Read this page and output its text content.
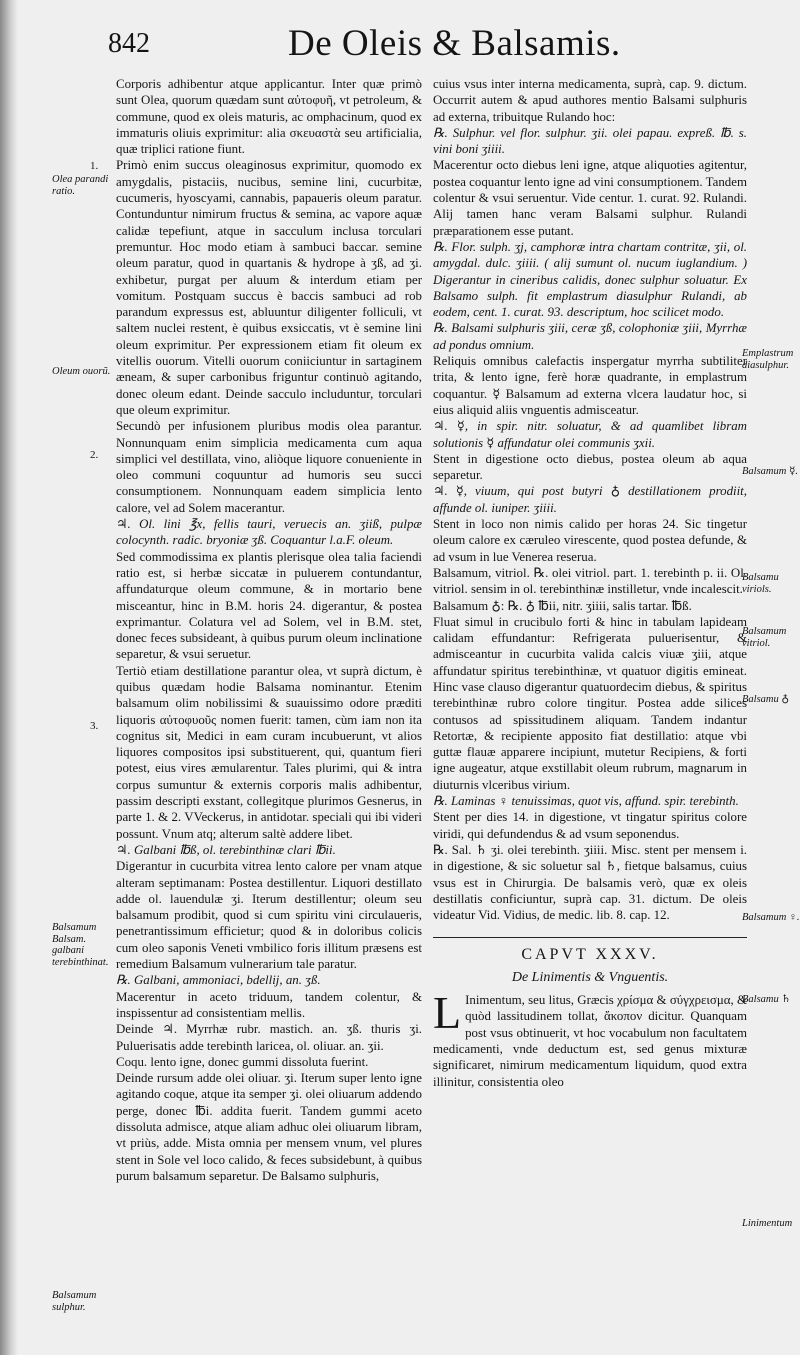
842	De Oleis & Balsamis.
1.
Olea parandi ratio.
Oleum ouorũ.
2.
3.
Balsamum Balsam. galbani terebinthinat.
Balsamum sulphur.
Emplastrum diasulphur.
Balsamum ☿.
Balsamu viriols.
Balsamum vitriol.
Balsamu ♁
Balsamum ♀.
Balsamu ♄
Linimentum

Corporis adhibentur atque applicantur. Inter quæ primò sunt Olea, quorum quædam sunt αὐτοφυῆ, vt petroleum, & commune, quod ex oleis maturis, ac omphacinum, quod ex immaturis oliuis exprimitur: alia σκευαστὰ seu artificialia, quæ triplici ratione fiunt.

Primò enim succus oleaginosus exprimitur, quomodo ex amygdalis, pistaciis, nucibus, semine lini, cucurbitæ, cucumeris, hyoscyami, cannabis, papaueris oleum paratur. Contunduntur nimirum fructus & semina, ac vapore aquæ calidæ tepefiunt, atque in sacculum inclusa torculari premuntur. Hoc modo etiam à sambuci baccar. semine oleum paratur, quod in quartanis & hydrope à ʒß, ad ʒi. exhibetur, purgat per aluum & interdum etiam per vomitum. Postquam succus è baccis sambuci ad rob parandum expressus est, abluuntur diligenter folliculi, vt saltem nuclei restent, è quibus exsiccatis, vt è semine lini oleum exprimitur. Per expressionem etiam fit oleum ex vitellis ouorum. Vitelli ouorum coniiciuntur in sartaginem æneam, & super carbonibus friguntur continuò agitando, donec oleum edant. Deinde sacculo includuntur, torculari que oleum exprimitur.

Secundò per infusionem pluribus modis olea parantur. Nonnunquam enim simplicia medicamenta cum aqua simplici vel destillata, vino, aliòque liquore conueniente in oleo communi coquuntur ad humoris seu succi consumptionem. Nonnunquam eadem simplicia lento calore, vel ad Solem macerantur.

♃. Ol. lini ℥x, fellis tauri, veruecis an. ʒiiß, pulpæ colocynth. radic. bryoniæ ʒß. Coquantur l.a.F. oleum.

Sed commodissima ex plantis plerisque olea talia faciendi ratio est, si herbæ siccatæ in puluerem contundantur, affundaturque oleum commune, & in mortario bene misceantur, hinc in B.M. horis 24. digerantur, & postea exprimantur. Colatura vel ad Solem, vel in B.M. stet, donec feces subsideant, à quibus purum oleum inclinatione separetur, & vsui seruetur.

Tertiò etiam destillatione parantur olea, vt suprà dictum, è quibus quædam hodie Balsama nominantur. Etenim balsamum olim nobilissimi & suauissimo odore præditi liquoris αὐτοφυοῦς nomen fuerit: tamen, cùm iam non ita cognitus sit, Medici in eam curam incubuerunt, vt alios liquores compositos ipsi substituerent, qui, quantum fieri potest, eius vires æmularentur. Tales plurimi, qui & intra corpus sumuntur & externis corporis malis adhibentur, passim descripti exstant, collegitque plurimos Gesnerus, in parte 1. & 2. VVeckerus, in antidotar. speciali qui ibi videri possunt. Vnum atq; alterum saltè addere libet.

♃. Galbani ℔ß, ol. terebinthinæ clari ℔ii.

Digerantur in cucurbita vitrea lento calore per vnam atque alteram septimanam: Postea destillentur. Liquori destillato adde ol. lauendulæ ʒi. Iterum destillentur; oleum seu balsamum prodibit, quod si cum spiritu vini circulaueris, penetrantissimum efficietur; quod & in doloribus colicis cum oleo saponis Veneti vmbilico foris illitum præsens est remedium Balsamum vulnerarium tale paratur.

℞. Galbani, ammoniaci, bdellij, an. ʒß.

Macerentur in aceto triduum, tandem colentur, & inspissentur ad consistentiam mellis.

Deinde ♃. Myrrhæ rubr. mastich. an. ʒß. thuris ʒi. Puluerisatis adde terebinth laricea, ol. oliuar. an. ʒii.

Coqu. lento igne, donec gummi dissoluta fuerint.

Deinde rursum adde olei oliuar. ʒi. Iterum super lento igne agitando coque, atque ita semper ʒi. olei oliuarum addendo perge, donec ℔i. addita fuerit. Tandem gummi aceto dissoluta admisce, atque aliam adhuc olei oliuarum libram, vt priùs, adde. Mista omnia per mensem vnum, vel plures stent in Sole vel loco calido, & feces subsidebunt, à quibus purum balsamum separetur. De Balsamo sulphuris,

cuius vsus inter interna medicamenta, suprà, cap. 9. dictum. Occurrit autem & apud authores mentio Balsami sulphuris ad externa, tribuitque Rulando hoc:

℞. Sulphur. vel flor. sulphur. ʒii. olei papau. expreß. ℔. s. vini boni ʒiiii.

Macerentur octo diebus leni igne, atque aliquoties agitentur, postea coquantur lento igne ad vini consumptionem. Tandem colentur & vsui seruentur. Vide centur. 1. curat. 92. Rulandi. Alij tamen hanc veram Balsami sulphur. Rulandi præparationem esse putant.

℞. Flor. sulph. ʒj, camphoræ intra chartam contritæ, ʒii, ol. amygdal. dulc. ʒiiii. ( alij sumunt ol. nucum iuglandium. ) Digerantur in cineribus calidis, donec sulphur soluatur. Ex Balsamo sulph. fit emplastrum diasulphur Rulandi, ab eodem, cent. 1. curat. 93. descriptum, hoc scilicet modo.

℞. Balsami sulphuris ʒiii, ceræ ʒß, colophoniæ ʒiii, Myrrhæ ad pondus omnium.

Reliquis omnibus calefactis inspergatur myrrha subtiliter trita, & lento igne, ferè horæ quadrante, in emplastrum coquantur. ☿ Balsamum ad externa vlcera laudatur hoc, si eius aliquid aliis vnguentis admisceatur.

♃. ☿, in spir. nitr. soluatur, & ad quamlibet libram solutionis ☿ affundatur olei communis ʒxii.

Stent in digestione octo diebus, postea oleum ab aqua separetur.

♃. ☿, viuum, qui post butyri ♁ destillationem prodiit, affunde ol. iuniper. ʒiiii.

Stent in loco non nimis calido per horas 24. Sic tingetur oleum calore ex cæruleo virescente, quod postea defunde, & ad vsum in lue Venerea reserua.

Balsamum, vitriol. ℞. olei vitriol. part. 1. terebinth p. ii. Ol. vitriol. sensim in ol. terebinthinæ instilletur, vnde incalescit.

Balsamum ♁: ℞. ♁ ℔ii, nitr. ʒiiii, salis tartar. ℔ß.

Fluat simul in crucibulo forti & hinc in tabulam lapideam calidam effundantur: Refrigerata puluerisentur, & admisceantur in cucurbita valida calcis viuæ ʒiii, atque affundatur spiritus terebinthinæ, vt quatuor digitis emineat. Hinc vase clauso digerantur quatuordecim diebus, & spiritus terebinthinæ rubro colore tingitur. Postea adde silices contusos ad spissitudinem aliquam. Tandem indantur Retortæ, & recipiente apposito fiat destillatio: atque vbi guttæ flauæ apparere incipiunt, mutetur Recipiens, & forti igne augeatur, atque exstillabit oleum rubrum, magnarum in diuturnis vlceribus virium.

℞. Laminas ♀ tenuissimas, quot vis, affund. spir. terebinth.

Stent per dies 14. in digestione, vt tingatur spiritus colore viridi, qui defundendus & ad vsum seponendus.

℞. Sal. ♄ ʒi. olei terebinth. ʒiiii. Misc. stent per mensem i. in digestione, & sic soluetur sal ♄, fietque balsamus, cuius vsus est in Chirurgia. De balsamis verò, quæ ex oleis destillatis conficiuntur, suprà cap. 31. dictum. De oleis videatur Vid. Vidius, de medic. lib. 8. cap. 12.

CAPVT XXXV.
De Linimentis & Vnguentis.

L Inimentum, seu litus, Græcis χρίσμα & σύγχρεισμα, & quòd lassitudinem tollat, ἄκοπον dicitur. Quanquam post vsus obtinuerit, vt hoc vocabulum non facultatem medicamenti, vnde deductum est, sed genus mixturæ significaret, nimirum medicamentum liquidum, quod extra illinitur, consistentia oleo
